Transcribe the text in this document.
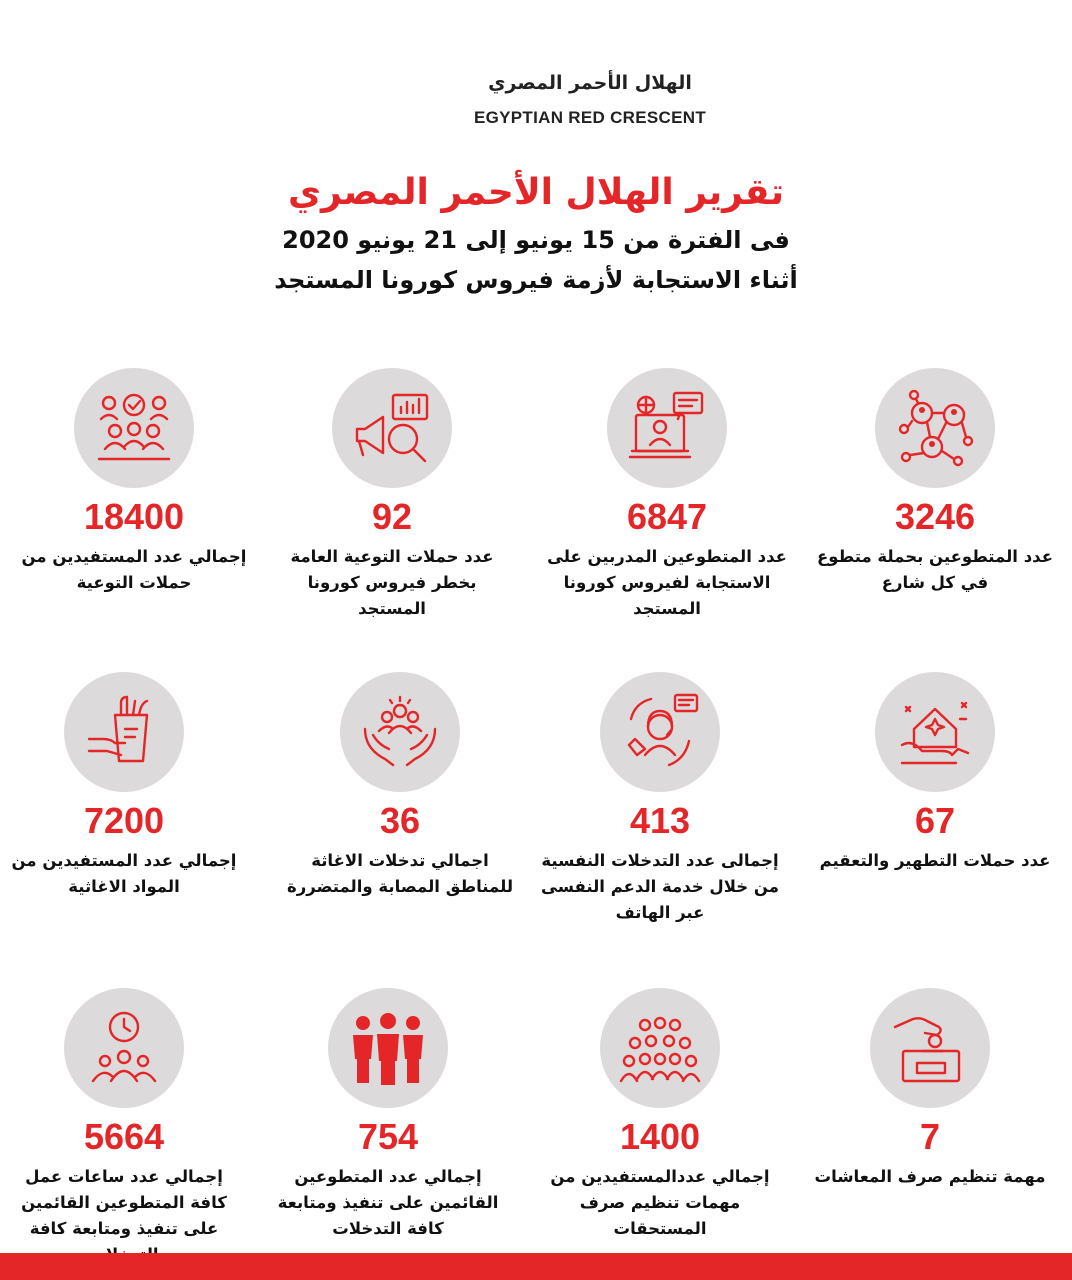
الهلال الأحمر المصري
EGYPTIAN RED CRESCENT
تقرير الهلال الأحمر المصري
فى الفترة من 15 يونيو إلى 21 يونيو 2020
أثناء الاستجابة لأزمة فيروس كورونا المستجد
3246
عدد المتطوعين بحملة متطوع في كل شارع
6847
عدد المتطوعين المدربين على الاستجابة لفيروس كورونا المستجد
92
عدد حملات التوعية العامة بخطر فيروس كورونا المستجد
18400
إجمالي عدد المستفيدين من حملات التوعية
67
عدد حملات التطهير والتعقيم
413
إجمالى عدد التدخلات النفسية من خلال خدمة الدعم النفسى عبر الهاتف
36
اجمالي تدخلات الاغاثة للمناطق المصابة والمتضررة
7200
إجمالي عدد المستفيدين من المواد الاغاثية
7
مهمة تنظيم صرف المعاشات
1400
إجمالي عددالمستفيدين من مهمات تنظيم صرف المستحقات
754
إجمالي عدد المتطوعين القائمين على تنفيذ ومتابعة كافة التدخلات
5664
إجمالي عدد ساعات عمل كافة المتطوعين القائمين على تنفيذ ومتابعة كافة
